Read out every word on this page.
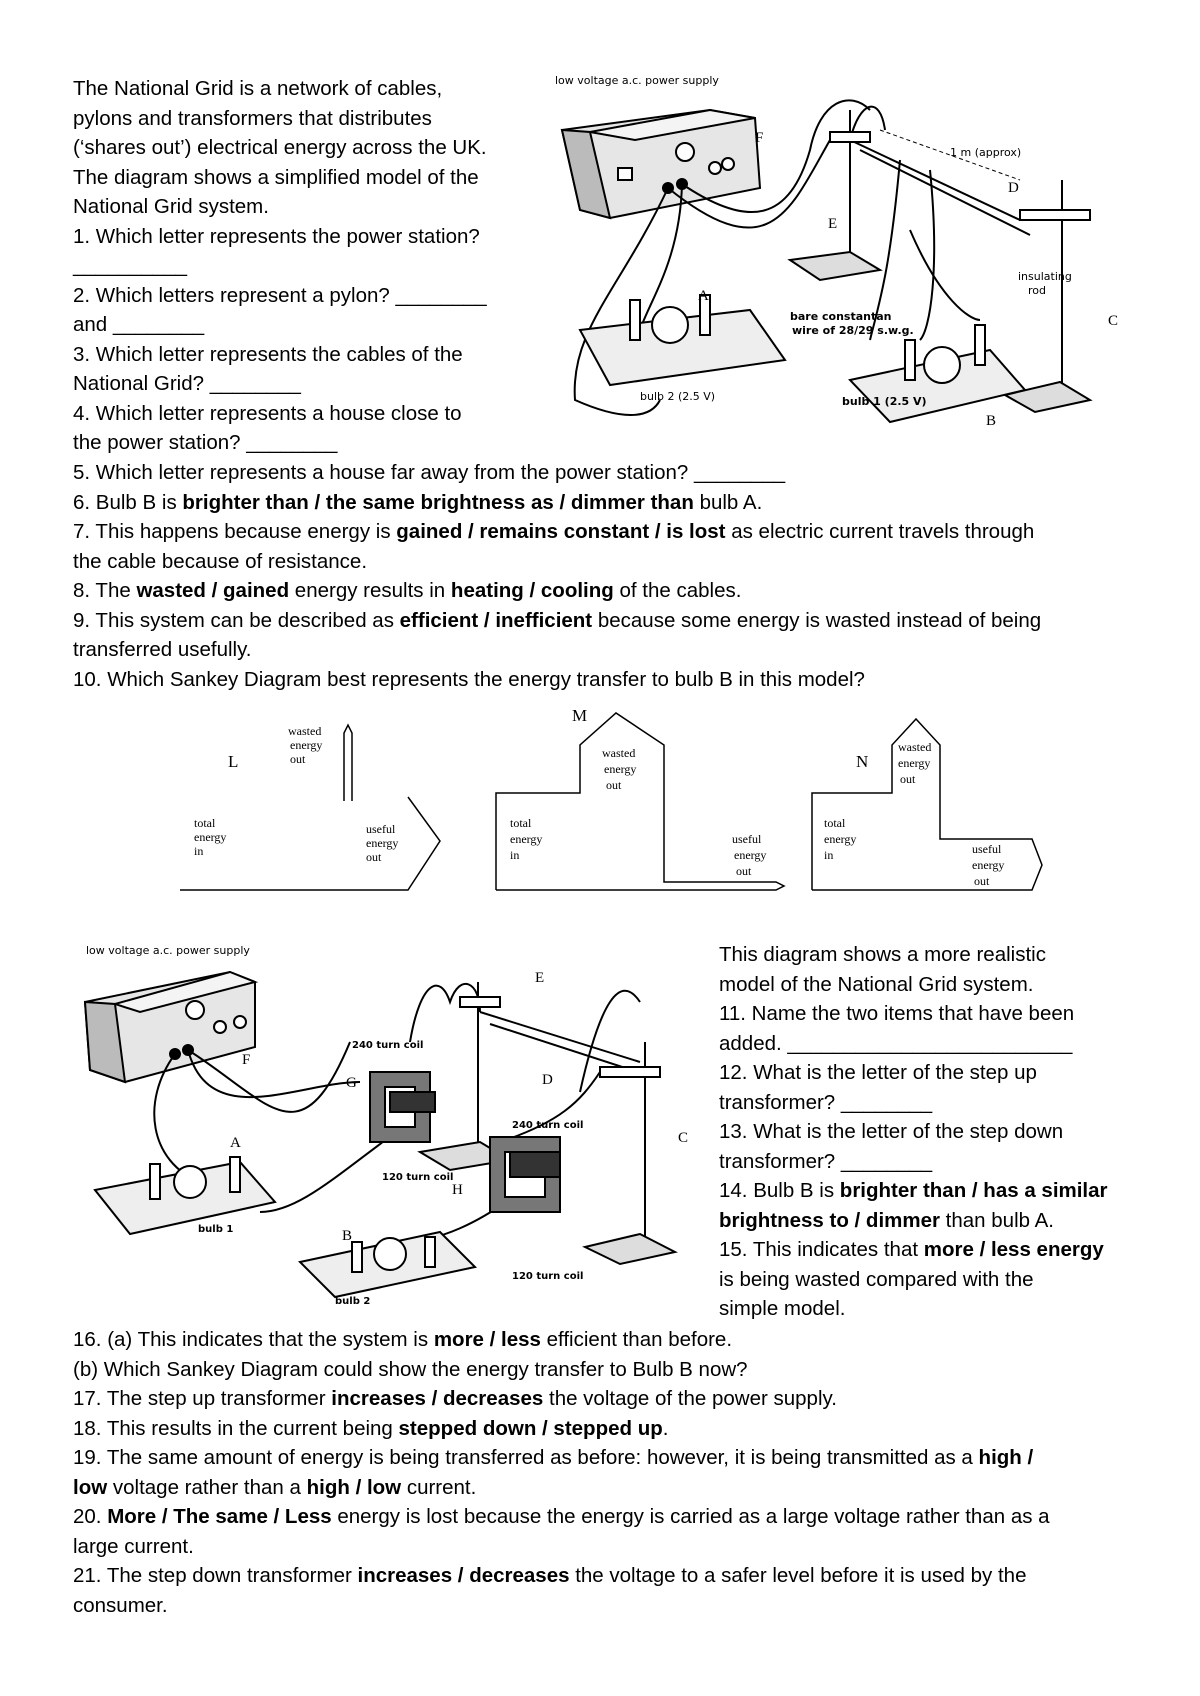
The National Grid is a network of cables,
pylons and transformers that distributes
(‘shares out’) electrical energy across the UK.
The diagram shows a simplified model of the
National Grid system.
1. Which letter represents the power station?
__________
2. Which letters represent a pylon? ________
and ________
3. Which letter represents the cables of the
National Grid? ________
4. Which letter represents a house close to
the power station? ________
low voltage a.c. power supply
F
E
1 m (approx)
D
C
insulating
rod
bare constantan
wire of 28/29 s.w.g.
A
bulb 2 (2.5 V)
B
bulb 1 (2.5 V)
5. Which letter represents a house far away from the power station? ________
6. Bulb B is brighter than / the same brightness as / dimmer than bulb A.
7. This happens because energy is gained / remains constant / is lost as electric current travels through
the cable because of resistance.
8. The wasted / gained energy results in heating / cooling of the cables.
9. This system can be described as efficient / inefficient because some energy is wasted instead of being
transferred usefully.
10. Which Sankey Diagram best represents the energy transfer to bulb B in this model?
L
wasted
energy
out
total
energy
in
useful
energy
out
M
wasted
energy
out
total
energy
in
useful
energy
out
N
wasted
energy
out
total
energy
in	useful
energy
out
low voltage a.c. power supply
F
E
D
C
G
240 turn coil
120 turn coil
H
240 turn coil
120 turn coil
A
bulb 1	B
bulb 2
This diagram shows a more realistic
model of the National Grid system.
11. Name the two items that have been
added. _________________________
12. What is the letter of the step up
transformer? ________
13. What is the letter of the step down
transformer? ________
14. Bulb B is brighter than / has a similar
brightness to / dimmer than bulb A.
15. This indicates that more / less energy
is being wasted compared with the
simple model.
16. (a) This indicates that the system is more / less efficient than before.
(b) Which Sankey Diagram could show the energy transfer to Bulb B now?
17. The step up transformer increases / decreases the voltage of the power supply.
18. This results in the current being stepped down / stepped up.
19. The same amount of energy is being transferred as before: however, it is being transmitted as a high /
low voltage rather than a high / low current.
20. More / The same / Less energy is lost because the energy is carried as a large voltage rather than as a
large current.
21. The step down transformer increases / decreases the voltage to a safer level before it is used by the
consumer.
